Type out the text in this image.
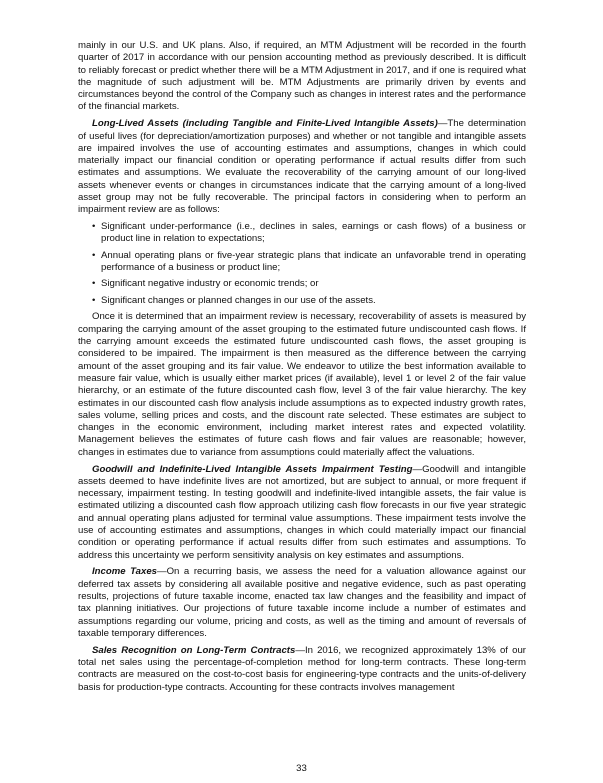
mainly in our U.S. and UK plans. Also, if required, an MTM Adjustment will be recorded in the fourth quarter of 2017 in accordance with our pension accounting method as previously described. It is difficult to reliably forecast or predict whether there will be a MTM Adjustment in 2017, and if one is required what the magnitude of such adjustment will be. MTM Adjustments are primarily driven by events and circumstances beyond the control of the Company such as changes in interest rates and the performance of the financial markets.

Long-Lived Assets (including Tangible and Finite-Lived Intangible Assets)—The determination of useful lives (for depreciation/amortization purposes) and whether or not tangible and intangible assets are impaired involves the use of accounting estimates and assumptions, changes in which could materially impact our financial condition or operating performance if actual results differ from such estimates and assumptions. We evaluate the recoverability of the carrying amount of our long-lived assets whenever events or changes in circumstances indicate that the carrying amount of a long-lived asset group may not be fully recoverable. The principal factors in considering when to perform an impairment review are as follows:

• Significant under-performance (i.e., declines in sales, earnings or cash flows) of a business or product line in relation to expectations;
• Annual operating plans or five-year strategic plans that indicate an unfavorable trend in operating performance of a business or product line;
• Significant negative industry or economic trends; or
• Significant changes or planned changes in our use of the assets.

Once it is determined that an impairment review is necessary, recoverability of assets is measured by comparing the carrying amount of the asset grouping to the estimated future undiscounted cash flows. If the carrying amount exceeds the estimated future undiscounted cash flows, the asset grouping is considered to be impaired. The impairment is then measured as the difference between the carrying amount of the asset grouping and its fair value. We endeavor to utilize the best information available to measure fair value, which is usually either market prices (if available), level 1 or level 2 of the fair value hierarchy, or an estimate of the future discounted cash flow, level 3 of the fair value hierarchy. The key estimates in our discounted cash flow analysis include assumptions as to expected industry growth rates, sales volume, selling prices and costs, and the discount rate selected. These estimates are subject to changes in the economic environment, including market interest rates and expected volatility. Management believes the estimates of future cash flows and fair values are reasonable; however, changes in estimates due to variance from assumptions could materially affect the valuations.

Goodwill and Indefinite-Lived Intangible Assets Impairment Testing—Goodwill and intangible assets deemed to have indefinite lives are not amortized, but are subject to annual, or more frequent if necessary, impairment testing. In testing goodwill and indefinite-lived intangible assets, the fair value is estimated utilizing a discounted cash flow approach utilizing cash flow forecasts in our five year strategic and annual operating plans adjusted for terminal value assumptions. These impairment tests involve the use of accounting estimates and assumptions, changes in which could materially impact our financial condition or operating performance if actual results differ from such estimates and assumptions. To address this uncertainty we perform sensitivity analysis on key estimates and assumptions.

Income Taxes—On a recurring basis, we assess the need for a valuation allowance against our deferred tax assets by considering all available positive and negative evidence, such as past operating results, projections of future taxable income, enacted tax law changes and the feasibility and impact of tax planning initiatives. Our projections of future taxable income include a number of estimates and assumptions regarding our volume, pricing and costs, as well as the timing and amount of reversals of taxable temporary differences.

Sales Recognition on Long-Term Contracts—In 2016, we recognized approximately 13% of our total net sales using the percentage-of-completion method for long-term contracts. These long-term contracts are measured on the cost-to-cost basis for engineering-type contracts and the units-of-delivery basis for production-type contracts. Accounting for these contracts involves management

33
